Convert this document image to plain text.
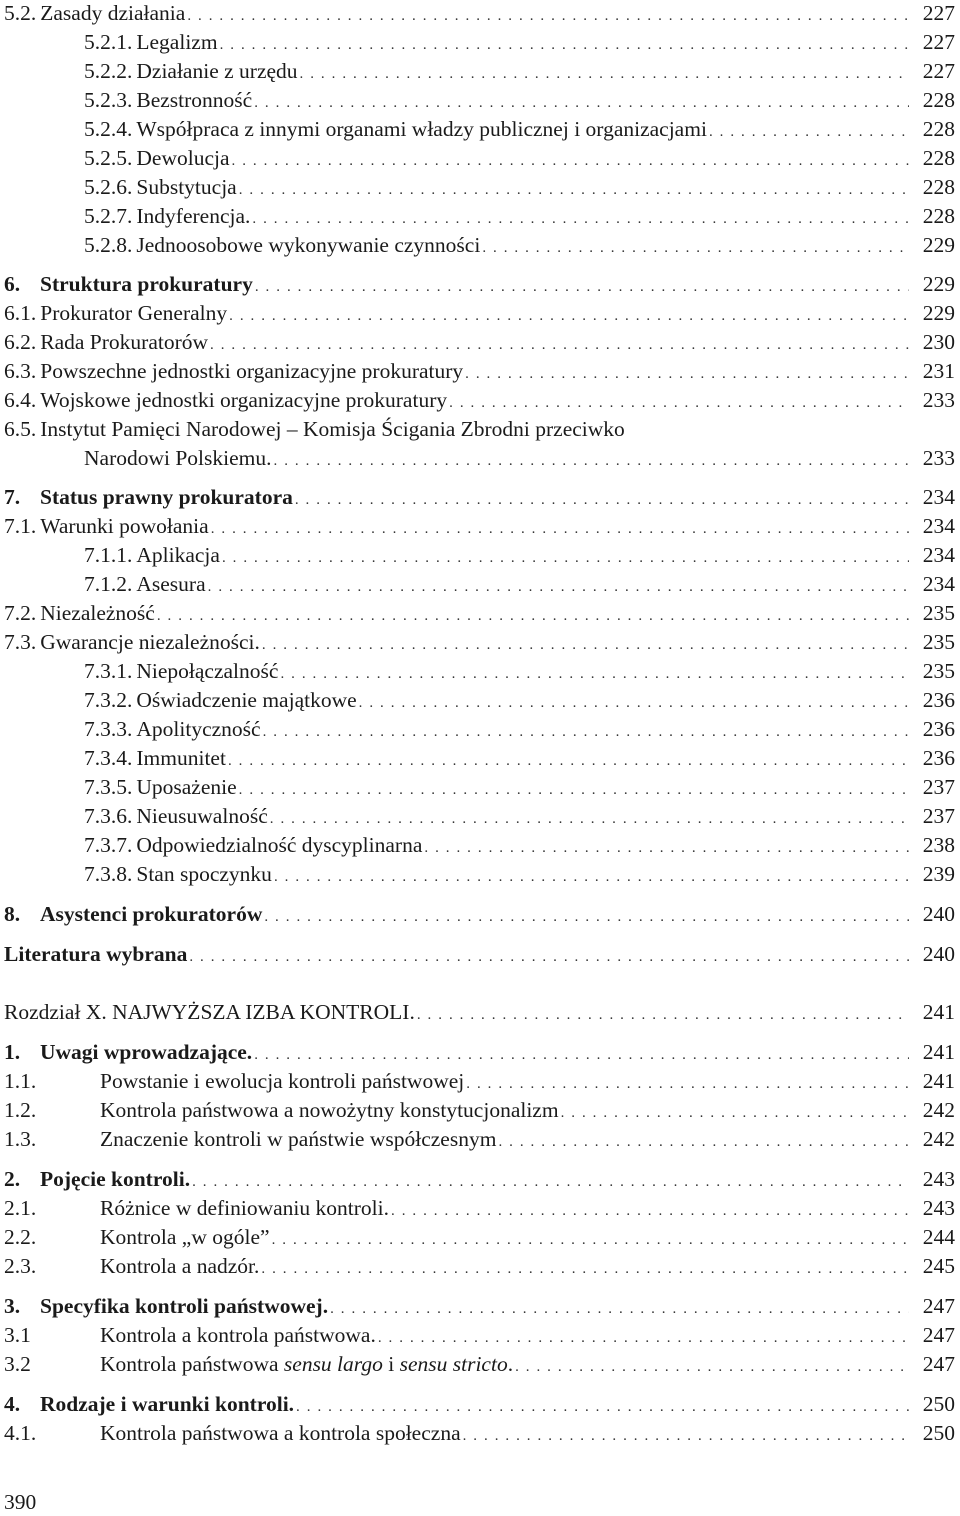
5.2. Zasady działania . . .	227
5.2.1. Legalizm . . .	227
5.2.2. Działanie z urzędu . . .	227
5.2.3. Bezstronność . . .	228
5.2.4. Współpraca z innymi organami władzy publicznej i organizacjami . . .	228
5.2.5. Dewolucja . . .	228
5.2.6. Substytucja . . .	228
5.2.7. Indyferencja. . . .	228
5.2.8. Jednoosobowe wykonywanie czynności . . .	229
6. Struktura prokuratury . . .	229
6.1. Prokurator Generalny . . .	229
6.2. Rada Prokuratorów . . .	230
6.3. Powszechne jednostki organizacyjne prokuratury . . .	231
6.4. Wojskowe jednostki organizacyjne prokuratury . . .	233
6.5. Instytut Pamięci Narodowej – Komisja Ścigania Zbrodni przeciwko
Narodowi Polskiemu. . . .	233
7. Status prawny prokuratora . . .	234
7.1. Warunki powołania . . .	234
7.1.1. Aplikacja . . .	234
7.1.2. Asesura . . .	234
7.2. Niezależność . . .	235
7.3. Gwarancje niezależności. . . .	235
7.3.1. Niepołączalność . . .	235
7.3.2. Oświadczenie majątkowe . . .	236
7.3.3. Apolityczność . . .	236
7.3.4. Immunitet . . .	236
7.3.5. Uposażenie . . .	237
7.3.6. Nieusuwalność . . .	237
7.3.7. Odpowiedzialność dyscyplinarna . . .	238
7.3.8. Stan spoczynku . . .	239
8. Asystenci prokuratorów . . .	240
Literatura wybrana . . .	240
Rozdział X. NAJWYŻSZA IZBA KONTROLI. . . .	241
1. Uwagi wprowadzające. . . .	241
1.1.	Powstanie i ewolucja kontroli państwowej . . .	241
1.2.	Kontrola państwowa a nowożytny konstytucjonalizm . . .	242
1.3.	Znaczenie kontroli w państwie współczesnym . . .	242
2. Pojęcie kontroli. . . .	243
2.1.	Różnice w definiowaniu kontroli. . . .	243
2.2.	Kontrola „w ogóle” . . .	244
2.3.	Kontrola a nadzór. . . .	245
3. Specyfika kontroli państwowej. . . .	247
3.1	Kontrola a kontrola państwowa. . . .	247
3.2	Kontrola państwowa sensu largo i sensu stricto. . . .	247
4. Rodzaje i warunki kontroli. . . .	250
4.1.	Kontrola państwowa a kontrola społeczna . . .	250
390
